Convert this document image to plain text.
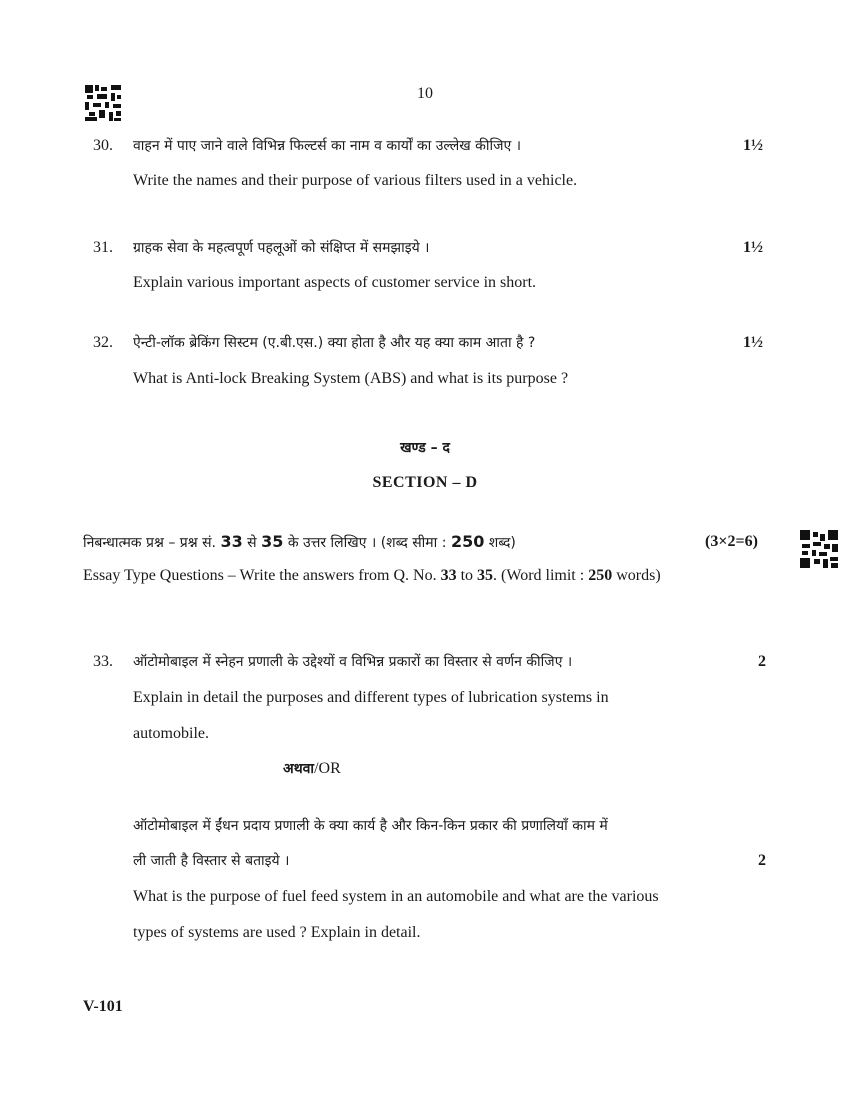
10
30. वाहन में पाए जाने वाले विभिन्न फिल्टर्स का नाम व कार्यों का उल्लेख कीजिए ।	1½
Write the names and their purpose of various filters used in a vehicle.
31. ग्राहक सेवा के महत्वपूर्ण पहलूओं को संक्षिप्त में समझाइये ।	1½
Explain various important aspects of customer service in short.
32. ऐन्टी-लॉक ब्रेकिंग सिस्टम (ए.बी.एस.) क्या होता है और यह क्या काम आता है ?	1½
What is Anti-lock Breaking System (ABS) and what is its purpose ?
खण्ड – द
SECTION – D
निबन्धात्मक प्रश्न – प्रश्न सं. 33 से 35 के उत्तर लिखिए । (शब्द सीमा : 250 शब्द)	(3×2=6)
Essay Type Questions – Write the answers from Q. No. 33 to 35. (Word limit : 250 words)
33. ऑटोमोबाइल में स्नेहन प्रणाली के उद्देश्यों व विभिन्न प्रकारों का विस्तार से वर्णन कीजिए ।	2
Explain in detail the purposes and different types of lubrication systems in
automobile.
अथवा/OR
ऑटोमोबाइल में ईंधन प्रदाय प्रणाली के क्या कार्य है और किन-किन प्रकार की प्रणालियाँ काम में
ली जाती है विस्तार से बताइये ।	2
What is the purpose of fuel feed system in an automobile and what are the various
types of systems are used ? Explain in detail.
V-101
